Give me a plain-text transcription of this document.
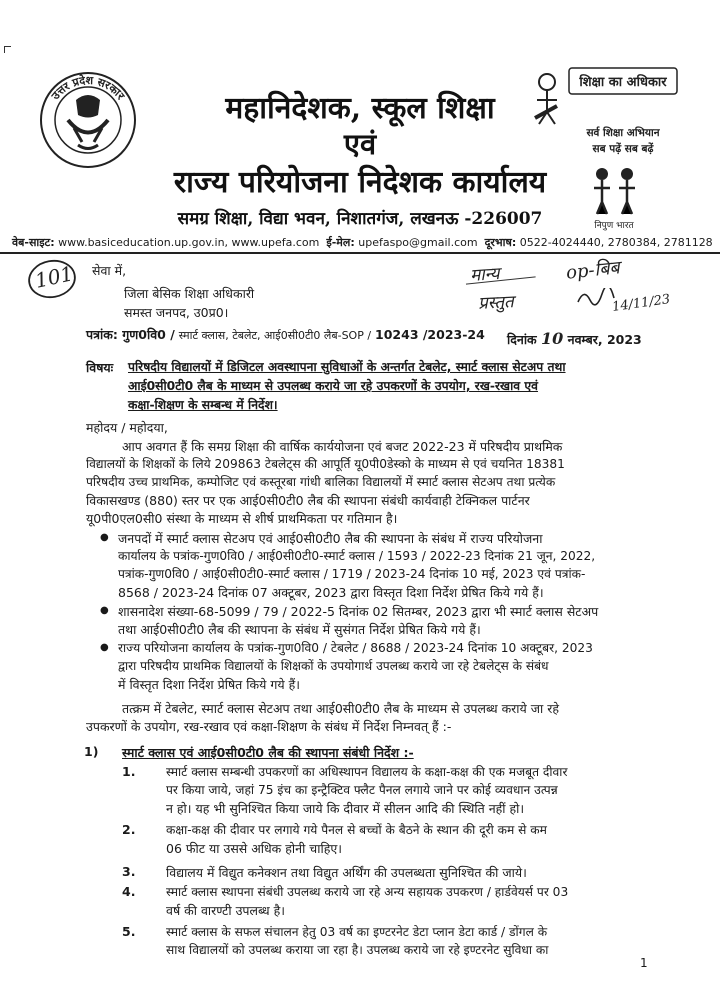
उत्तर प्रदेश सरकार
शिक्षा का अधिकार
सर्व शिक्षा अभियान
सब पढ़ें सब बढ़ें
निपुण भारत
महानिदेशक, स्कूल शिक्षा
एवं
राज्य परियोजना निदेशक कार्यालय
समग्र शिक्षा, विद्या भवन, निशातगंज, लखनऊ -226007
वेब-साइट: www.basiceducation.up.gov.in, www.upefa.com ई-मेल: upefaspo@gmail.com दूरभाष: 0522-4024440, 2780384, 2781128
101 सेवा में,
जिला बेसिक शिक्षा अधिकारी
समस्त जनपद, उ0प्र0।
मान्य
प्रस्तुत
op-बिब
14/11/23
पत्रांक: गुण0वि0 / स्मार्ट क्लास, टेबलेट, आई0सी0टी0 लैब-SOP / 10243 /2023-24 दिनांक 10 नवम्बर, 2023
विषयः परिषदीय विद्यालयों में डिजिटल अवस्थापना सुविधाओं के अन्तर्गत टेबलेट, स्मार्ट क्लास सेटअप तथा
आई0सी0टी0 लैब के माध्यम से उपलब्ध कराये जा रहे उपकरणों के उपयोग, रख-रखाव एवं
कक्षा-शिक्षण के सम्बन्ध में निर्देश।
महोदय / महोदया,
आप अवगत हैं कि समग्र शिक्षा की वार्षिक कार्ययोजना एवं बजट 2022-23 में परिषदीय प्राथमिक
विद्यालयों के शिक्षकों के लिये 209863 टेबलेट्स की आपूर्ति यू0पी0डेस्को के माध्यम से एवं चयनित 18381
परिषदीय उच्च प्राथमिक, कम्पोजिट एवं कस्तूरबा गांधी बालिका विद्यालयों में स्मार्ट क्लास सेटअप तथा प्रत्येक
विकासखण्ड (880) स्तर पर एक आई0सी0टी0 लैब की स्थापना संबंधी कार्यवाही टेक्निकल पार्टनर
यू0पी0एल0सी0 संस्था के माध्यम से शीर्ष प्राथमिकता पर गतिमान है।
● जनपदों में स्मार्ट क्लास सेटअप एवं आई0सी0टी0 लैब की स्थापना के संबंध में राज्य परियोजना
कार्यालय के पत्रांक-गुण0वि0 / आई0सी0टी0-स्मार्ट क्लास / 1593 / 2022-23 दिनांक 21 जून, 2022,
पत्रांक-गुण0वि0 / आई0सी0टी0-स्मार्ट क्लास / 1719 / 2023-24 दिनांक 10 मई, 2023 एवं पत्रांक-
8568 / 2023-24 दिनांक 07 अक्टूबर, 2023 द्वारा विस्तृत दिशा निर्देश प्रेषित किये गये हैं।
● शासनादेश संख्या-68-5099 / 79 / 2022-5 दिनांक 02 सितम्बर, 2023 द्वारा भी स्मार्ट क्लास सेटअप
तथा आई0सी0टी0 लैब की स्थापना के संबंध में सुसंगत निर्देश प्रेषित किये गये हैं।
● राज्य परियोजना कार्यालय के पत्रांक-गुण0वि0 / टेबलेट / 8688 / 2023-24 दिनांक 10 अक्टूबर, 2023
द्वारा परिषदीय प्राथमिक विद्यालयों के शिक्षकों के उपयोगार्थ उपलब्ध कराये जा रहे टेबलेट्स के संबंध
में विस्तृत दिशा निर्देश प्रेषित किये गये हैं।
तत्क्रम में टेबलेट, स्मार्ट क्लास सेटअप तथा आई0सी0टी0 लैब के माध्यम से उपलब्ध कराये जा रहे
उपकरणों के उपयोग, रख-रखाव एवं कक्षा-शिक्षण के संबंध में निर्देश निम्नवत् हैं :-
1) स्मार्ट क्लास एवं आई0सी0टी0 लैब की स्थापना संबंधी निर्देश :-
1.	स्मार्ट क्लास सम्बन्धी उपकरणों का अधिस्थापन विद्यालय के कक्षा-कक्ष की एक मजबूत दीवार
पर किया जाये, जहां 75 इंच का इन्ट्रैक्टिव फ्लैट पैनल लगाये जाने पर कोई व्यवधान उत्पन्न
न हो। यह भी सुनिश्चित किया जाये कि दीवार में सीलन आदि की स्थिति नहीं हो।
2.	कक्षा-कक्ष की दीवार पर लगाये गये पैनल से बच्चों के बैठने के स्थान की दूरी कम से कम
06 फीट या उससे अधिक होनी चाहिए।
3. विद्यालय में विद्युत कनेक्शन तथा विद्युत अर्थिंग की उपलब्धता सुनिश्चित की जाये।
4.	स्मार्ट क्लास स्थापना संबंधी उपलब्ध कराये जा रहे अन्य सहायक उपकरण / हार्डवेयर्स पर 03
वर्ष की वारण्टी उपलब्ध है।
5.	स्मार्ट क्लास के सफल संचालन हेतु 03 वर्ष का इण्टरनेट डेटा प्लान डेटा कार्ड / डोंगल के
साथ विद्यालयों को उपलब्ध कराया जा रहा है। उपलब्ध कराये जा रहे इण्टरनेट सुविधा का
1
